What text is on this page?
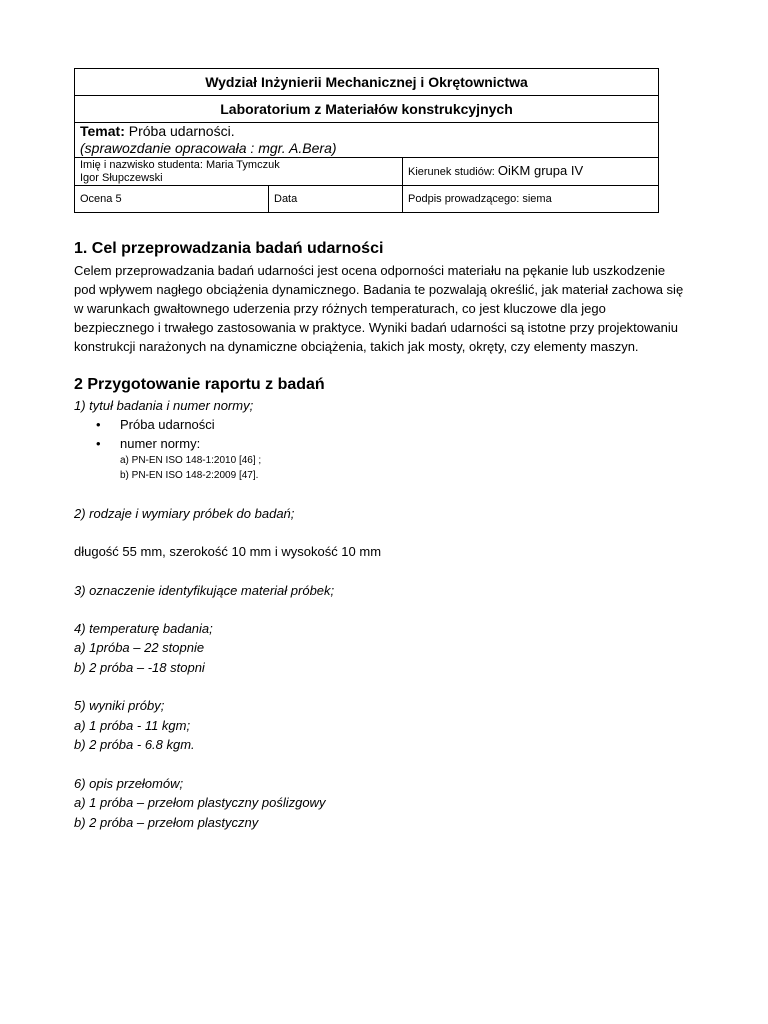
Wydział Inżynierii Mechanicznej i Okrętownictwa		
Laboratorium z Materiałów konstrukcyjnych		

Temat: Próba udarności.
(sprawozdanie opracowała : mgr. A.Bera)		

Imię i nazwisko studenta: Maria Tymczuk
Igor Słupczewski		Kierunek studiów: OiKM grupa IV
Ocena 5	Data	Podpis prowadzącego: siema
1. Cel przeprowadzania badań udarności
Celem przeprowadzania badań udarności jest ocena odporności materiału na pękanie lub uszkodzenie pod wpływem nagłego obciążenia dynamicznego. Badania te pozwalają określić, jak materiał zachowa się w warunkach gwałtownego uderzenia przy różnych temperaturach, co jest kluczowe dla jego bezpiecznego i trwałego zastosowania w praktyce. Wyniki badań udarności są istotne przy projektowaniu konstrukcji narażonych na dynamiczne obciążenia, takich jak mosty, okręty, czy elementy maszyn.
2 Przygotowanie raportu z badań
1) tytuł badania i numer normy;
• Próba udarności
• numer normy:
a) PN-EN ISO 148-1:2010 [46] ;
b) PN-EN ISO 148-2:2009 [47].
2) rodzaje i wymiary próbek do badań;
długość 55 mm, szerokość 10 mm i wysokość 10 mm
3) oznaczenie identyfikujące materiał próbek;
4) temperaturę badania;
a) 1próba – 22 stopnie
b) 2 próba – -18 stopni
5) wyniki próby;
a) 1 próba - 11 kgm;
b) 2 próba - 6.8 kgm.
6) opis przełomów;
a) 1 próba – przełom plastyczny poślizgowy
b) 2 próba – przełom plastyczny
